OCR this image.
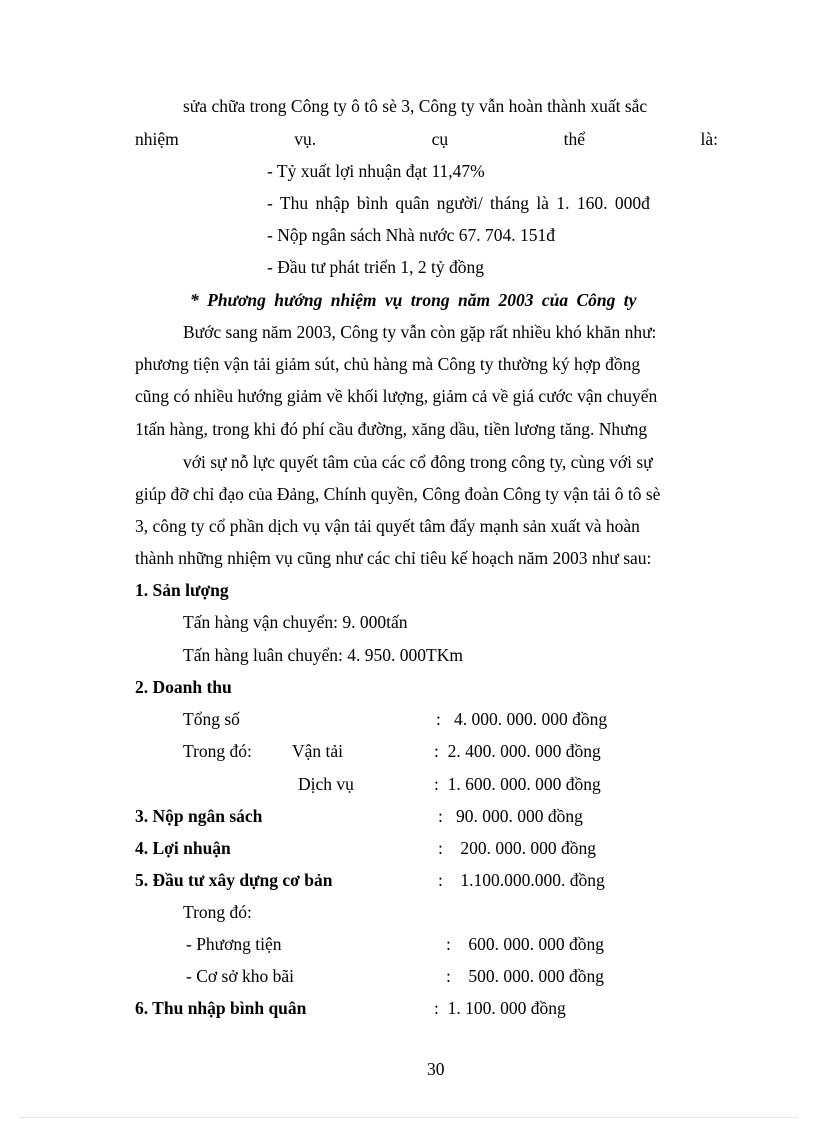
sửa chữa trong Công ty ô tô sè 3, Công ty vẫn hoàn thành xuất sắc
nhiệm	vụ.	cụ	thể	là:
- Tỷ xuất lợi nhuận đạt 11,47%
- Thu nhập bình quân người/ tháng là 1. 160. 000đ
- Nộp ngân sách Nhà nước 67. 704. 151đ
- Đầu tư phát triển 1, 2 tỷ đồng
* Phương hướng nhiệm vụ trong năm 2003 của Công ty
Bước sang năm 2003, Công ty vẫn còn gặp rất nhiều khó khăn như:
phương tiện vận tải giảm sút, chủ hàng mà Công ty thường ký hợp đồng
cũng có nhiều hướng giảm về khối lượng, giảm cả về giá cước vận chuyển
1tấn hàng, trong khi đó phí cầu đường, xăng dầu, tiền lương tăng. Nhưng
với sự nỗ lực quyết tâm của các cổ đông trong công ty, cùng với sự
giúp đỡ chỉ đạo của Đảng, Chính quyền, Công đoàn Công ty vận tải ô tô sè
3, công ty cổ phần dịch vụ vận tải quyết tâm đẩy mạnh sản xuất và hoàn
thành những nhiệm vụ cũng như các chỉ tiêu kế hoạch năm 2003 như sau:
1. Sản lượng
Tấn hàng vận chuyển: 9. 000tấn
Tấn hàng luân chuyển: 4. 950. 000TKm
2. Doanh thu
Tổng số	:   4. 000. 000. 000 đồng
Trong đó: Vận tải	:  2. 400. 000. 000 đồng
Dịch vụ	:  1. 600. 000. 000 đồng
3. Nộp ngân sách	:   90. 000. 000 đồng
4. Lợi nhuận	:    200. 000. 000 đồng
5. Đầu tư xây dựng cơ bản	:    1.100.000.000. đồng
Trong đó:
- Phương tiện	:    600. 000. 000 đồng
- Cơ sở kho bãi	:    500. 000. 000 đồng
6. Thu nhập bình quân	:  1. 100. 000 đồng
30
